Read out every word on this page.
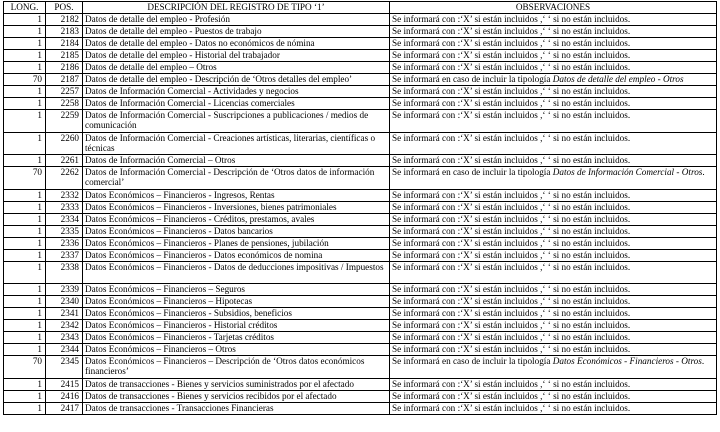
LONG.	POS.	DESCRIPCIÓN DEL REGISTRO DE TIPO ‘1’	OBSERVACIONES
1	2182	Datos de detalle del empleo - Profesión	Se informará con :‘X’ si están incluidos ,‘ ‘ si no están incluidos.
1	2183	Datos de detalle del empleo - Puestos de trabajo	Se informará con :‘X’ si están incluidos ,‘ ‘ si no están incluidos.
1	2184	Datos de detalle del empleo - Datos no económicos de nómina	Se informará con :‘X’ si están incluidos ,‘ ‘ si no están incluidos.
1	2185	Datos de detalle del empleo - Historial del trabajador	Se informará con :‘X’ si están incluidos ,‘ ‘ si no están incluidos.
1	2186	Datos de detalle del empleo – Otros	Se informará con :‘X’ si están incluidos ,‘ ‘ si no están incluidos.
70	2187	Datos de detalle del empleo - Descripción de ‘Otros detalles del empleo’	Se informará en caso de incluir la tipología Datos de detalle del empleo - Otros
1	2257	Datos de Información Comercial - Actividades y negocios	Se informará con :‘X’ si están incluidos ,‘ ‘ si no están incluidos.
1	2258	Datos de Información Comercial - Licencias comerciales	Se informará con :‘X’ si están incluidos ,‘ ‘ si no están incluidos.
1	2259	Datos de Información Comercial - Suscripciones a publicaciones / medios de comunicación	Se informará con :‘X’ si están incluidos ,‘ ‘ si no están incluidos.
1	2260	Datos de Información Comercial - Creaciones artísticas, literarias, científicas o técnicas	Se informará con :‘X’ si están incluidos ,‘ ‘ si no están incluidos.
1	2261	Datos de Información Comercial – Otros	Se informará con :‘X’ si están incluidos ,‘ ‘ si no están incluidos.
70	2262	Datos de Información Comercial - Descripción de ‘Otros datos de información comercial’	Se informará en caso de incluir la tipología Datos de Información Comercial - Otros.
1	2332	Datos Económicos – Financieros - Ingresos, Rentas	Se informará con :‘X’ si están incluidos ,‘ ‘ si no están incluidos.
1	2333	Datos Económicos – Financieros - Inversiones, bienes patrimoniales	Se informará con :‘X’ si están incluidos ,‘ ‘ si no están incluidos.
1	2334	Datos Económicos – Financieros - Créditos, prestamos, avales	Se informará con :‘X’ si están incluidos ,‘ ‘ si no están incluidos.
1	2335	Datos Económicos – Financieros - Datos bancarios	Se informará con :‘X’ si están incluidos ,‘ ‘ si no están incluidos.
1	2336	Datos Económicos – Financieros - Planes de pensiones, jubilación	Se informará con :‘X’ si están incluidos ,‘ ‘ si no están incluidos.
1	2337	Datos Económicos – Financieros - Datos económicos de nomina	Se informará con :‘X’ si están incluidos ,‘ ‘ si no están incluidos.
1	2338	Datos Económicos – Financieros - Datos de deducciones impositivas / Impuestos	Se informará con :‘X’ si están incluidos ,‘ ‘ si no están incluidos.
1	2339	Datos Económicos – Financieros – Seguros	Se informará con :‘X’ si están incluidos ,‘ ‘ si no están incluidos.
1	2340	Datos Económicos – Financieros – Hipotecas	Se informará con :‘X’ si están incluidos ,‘ ‘ si no están incluidos.
1	2341	Datos Económicos – Financieros - Subsidios, beneficios	Se informará con :‘X’ si están incluidos ,‘ ‘ si no están incluidos.
1	2342	Datos Económicos – Financieros - Historial créditos	Se informará con :‘X’ si están incluidos ,‘ ‘ si no están incluidos.
1	2343	Datos Económicos – Financieros - Tarjetas créditos	Se informará con :‘X’ si están incluidos ,‘ ‘ si no están incluidos.
1	2344	Datos Económicos – Financieros – Otros	Se informará con :‘X’ si están incluidos ,‘ ‘ si no están incluidos.
70	2345	Datos Económicos – Financieros – Descripción de ‘Otros datos económicos financieros’	Se informará en caso de incluir la tipología Datos Económicos - Financieros - Otros.
1	2415	Datos de transacciones - Bienes y servicios suministrados por el afectado	Se informará con :‘X’ si están incluidos ,‘ ‘ si no están incluidos.
1	2416	Datos de transacciones - Bienes y servicios recibidos por el afectado	Se informará con :‘X’ si están incluidos ,‘ ‘ si no están incluidos.
1	2417	Datos de transacciones - Transacciones Financieras	Se informará con :‘X’ si están incluidos ,‘ ‘ si no están incluidos.
